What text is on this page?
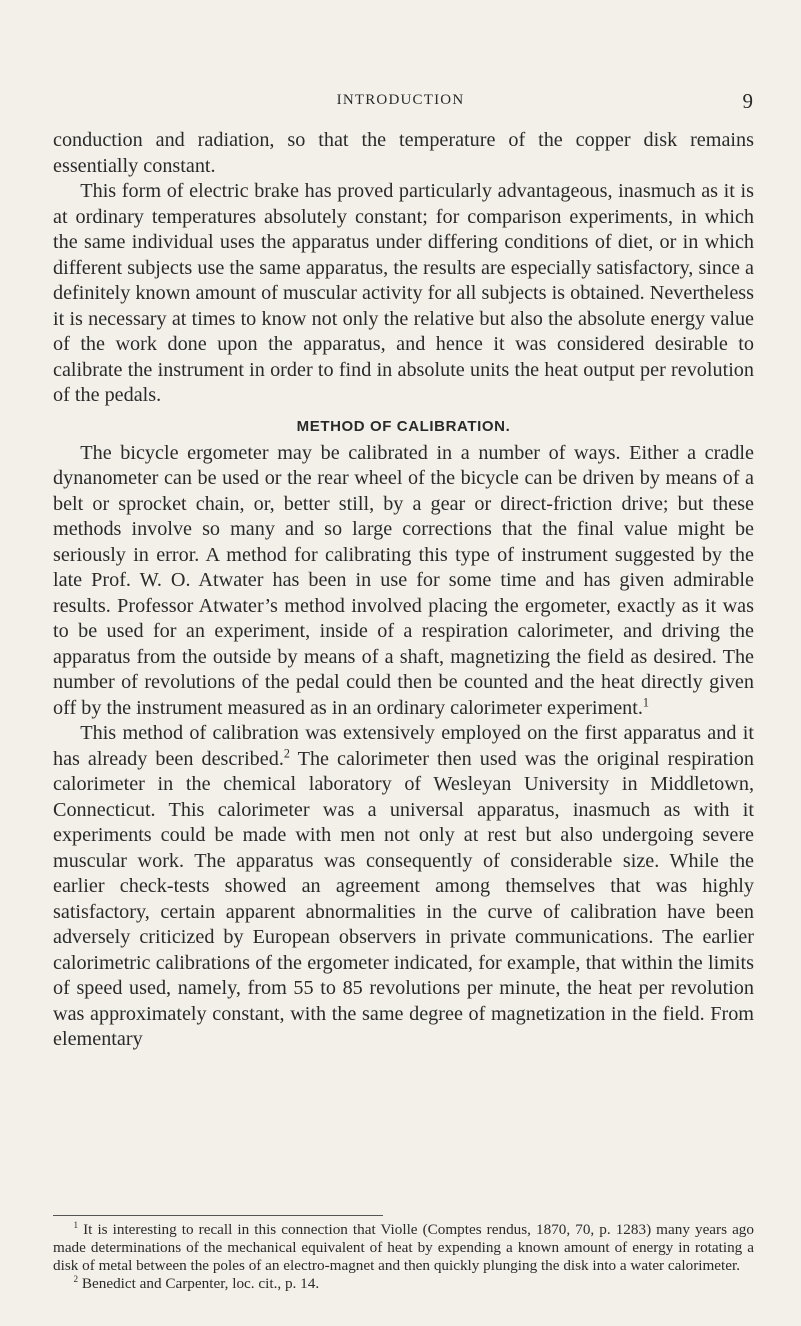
INTRODUCTION	9

conduction and radiation, so that the temperature of the copper disk remains essentially constant.

This form of electric brake has proved particularly advantageous, inasmuch as it is at ordinary temperatures absolutely constant; for comparison experiments, in which the same individual uses the apparatus under differing conditions of diet, or in which different subjects use the same apparatus, the results are especially satisfactory, since a definitely known amount of muscular activity for all subjects is obtained. Nevertheless it is necessary at times to know not only the relative but also the absolute energy value of the work done upon the apparatus, and hence it was considered desirable to calibrate the instrument in order to find in absolute units the heat output per revolution of the pedals.

METHOD OF CALIBRATION.

The bicycle ergometer may be calibrated in a number of ways. Either a cradle dynanometer can be used or the rear wheel of the bicycle can be driven by means of a belt or sprocket chain, or, better still, by a gear or direct-friction drive; but these methods involve so many and so large corrections that the final value might be seriously in error. A method for calibrating this type of instrument suggested by the late Prof. W. O. Atwater has been in use for some time and has given admirable results. Professor Atwater’s method involved placing the ergometer, exactly as it was to be used for an experiment, inside of a respiration calorimeter, and driving the apparatus from the outside by means of a shaft, magnetizing the field as desired. The number of revolutions of the pedal could then be counted and the heat directly given off by the instrument measured as in an ordinary calorimeter experiment.$^1$

This method of calibration was extensively employed on the first apparatus and it has already been described.$^2$ The calorimeter then used was the original respiration calorimeter in the chemical laboratory of Wesleyan University in Middletown, Connecticut. This calorimeter was a universal apparatus, inasmuch as with it experiments could be made with men not only at rest but also undergoing severe muscular work. The apparatus was consequently of considerable size. While the earlier check-tests showed an agreement among themselves that was highly satisfactory, certain apparent abnormalities in the curve of calibration have been adversely criticized by European observers in private communications. The earlier calorimetric calibrations of the ergometer indicated, for example, that within the limits of speed used, namely, from 55 to 85 revolutions per minute, the heat per revolution was approximately constant, with the same degree of magnetization in the field. From elementary

$^1$ It is interesting to recall in this connection that Violle (Comptes rendus, 1870, 70, p. 1283) many years ago made determinations of the mechanical equivalent of heat by expending a known amount of energy in rotating a disk of metal between the poles of an electro-magnet and then quickly plunging the disk into a water calorimeter.

$^2$ Benedict and Carpenter, loc. cit., p. 14.
